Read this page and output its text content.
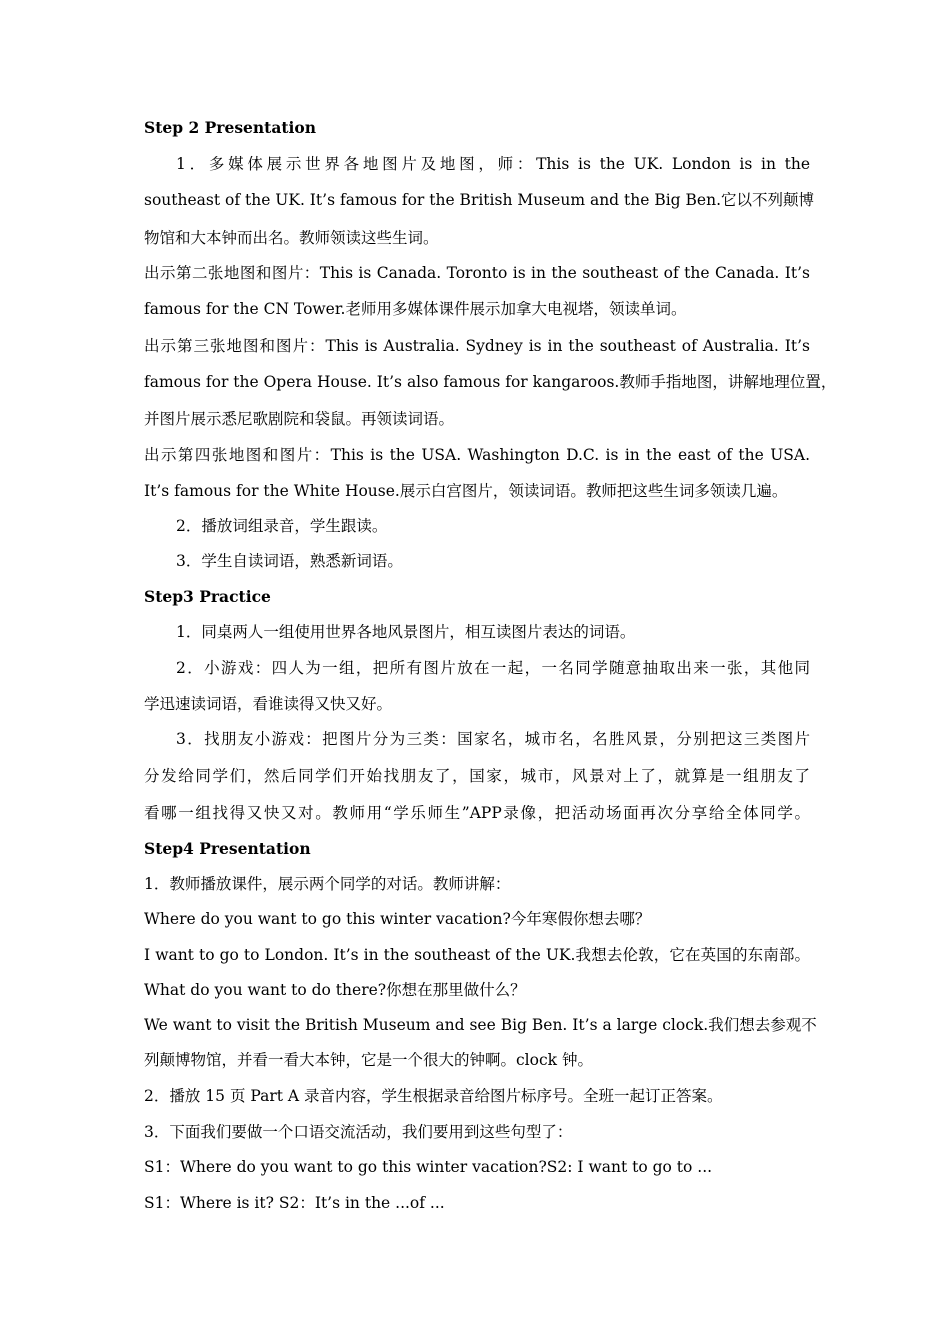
Step 2 Presentation
1．多媒体展示世界各地图片及地图，师：This is the UK. London is in the
southeast of the UK. It’s famous for the British Museum and the Big Ben.它以不列颠博
物馆和大本钟而出名。教师领读这些生词。
出示第二张地图和图片：This is Canada. Toronto is in the southeast of the Canada. It’s
famous for the CN Tower.老师用多媒体课件展示加拿大电视塔，领读单词。
出示第三张地图和图片：This is Australia. Sydney is in the southeast of Australia. It’s
famous for the Opera House. It’s also famous for kangaroos.教师手指地图，讲解地理位置，
并图片展示悉尼歌剧院和袋鼠。再领读词语。
出示第四张地图和图片：This is the USA. Washington D.C. is in the east of the USA.
It’s famous for the White House.展示白宫图片，领读词语。教师把这些生词多领读几遍。
2．播放词组录音，学生跟读。
3．学生自读词语，熟悉新词语。
Step3 Practice
1．同桌两人一组使用世界各地风景图片，相互读图片表达的词语。
2．小游戏：四人为一组，把所有图片放在一起，一名同学随意抽取出来一张，其他同
学迅速读词语，看谁读得又快又好。
3．找朋友小游戏：把图片分为三类：国家名，城市名，名胜风景，分别把这三类图片
分发给同学们，然后同学们开始找朋友了，国家，城市，风景对上了，就算是一组朋友了
看哪一组找得又快又对。教师用“学乐师生”APP录像，把活动场面再次分享给全体同学。
Step4 Presentation
1．教师播放课件，展示两个同学的对话。教师讲解：
Where do you want to go this winter vacation?今年寒假你想去哪？
I want to go to London. It’s in the southeast of the UK.我想去伦敦，它在英国的东南部。
What do you want to do there?你想在那里做什么？
We want to visit the British Museum and see Big Ben. It’s a large clock.我们想去参观不
列颠博物馆，并看一看大本钟，它是一个很大的钟啊。clock 钟。
2．播放 15 页 Part A 录音内容，学生根据录音给图片标序号。全班一起订正答案。
3．下面我们要做一个口语交流活动，我们要用到这些句型了：
S1：Where do you want to go this winter vacation?S2: I want to go to ...
S1：Where is it? S2：It’s in the ...of ...
